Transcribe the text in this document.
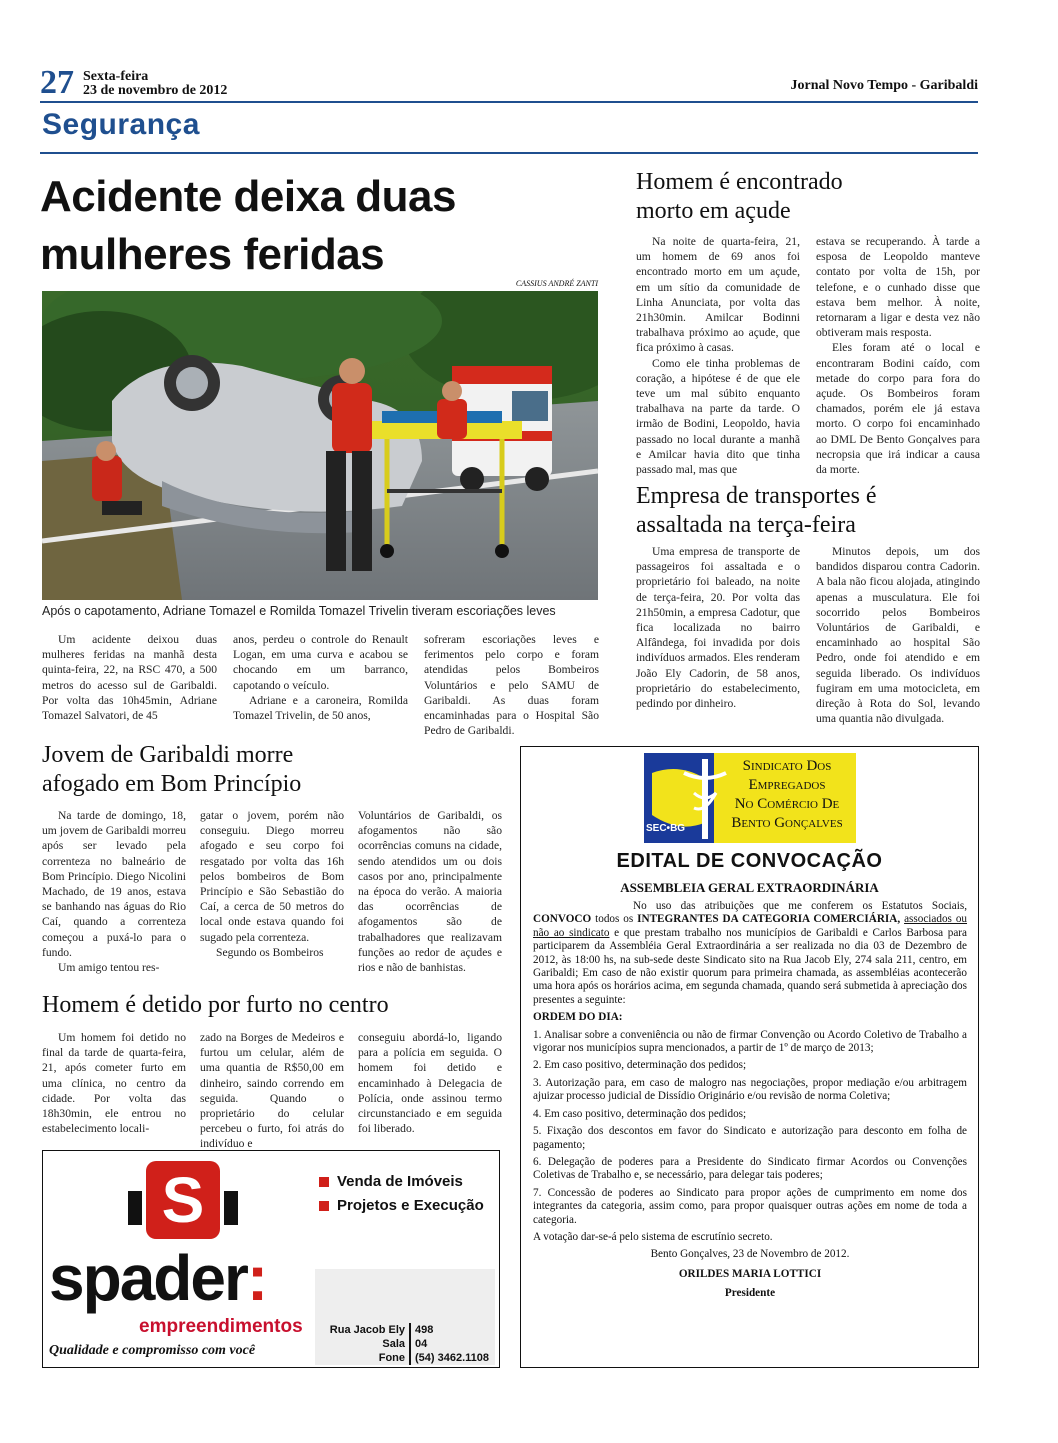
27 Sexta-feira
23 de novembro de 2012	Jornal Novo Tempo - Garibaldi
Segurança
Acidente deixa duas mulheres feridas
CASSIUS ANDRÉ ZANTI
Após o capotamento, Adriane Tomazel e Romilda Tomazel Trivelin tiveram escoriações leves

Um acidente deixou duas mulheres feridas na manhã desta quinta-feira, 22, na RSC 470, a 500 metros do acesso sul de Garibaldi. Por volta das 10h45min, Adriane Tomazel Salvatori, de 45

anos, perdeu o controle do Renault Logan, em uma curva e acabou se chocando em um barranco, capotando o veículo.

Adriane e a caroneira, Romilda Tomazel Trivelin, de 50 anos,

sofreram escoriações leves e ferimentos pelo corpo e foram atendidas pelos Bombeiros Voluntários e pelo SAMU de Garibaldi. As duas foram encaminhadas para o Hospital São Pedro de Garibaldi.

Homem é encontrado morto em açude

Na noite de quarta-feira, 21, um homem de 69 anos foi encontrado morto em um açude, em um sítio da comunidade de Linha Anunciata, por volta das 21h30min. Amilcar Bodinni trabalhava próximo ao açude, que fica próximo à casas.

Como ele tinha problemas de coração, a hipótese é de que ele teve um mal súbito enquanto trabalhava na parte da tarde. O irmão de Bodini, Leopoldo, havia passado no local durante a manhã e Amilcar havia dito que tinha passado mal, mas que

estava se recuperando. À tarde a esposa de Leopoldo manteve contato por volta de 15h, por telefone, e o cunhado disse que estava bem melhor. À noite, retornaram a ligar e desta vez não obtiveram mais resposta.

Eles foram até o local e encontraram Bodini caído, com metade do corpo para fora do açude. Os Bombeiros foram chamados, porém ele já estava morto. O corpo foi encaminhado ao DML De Bento Gonçalves para necropsia que irá indicar a causa da morte.

Empresa de transportes é assaltada na terça-feira

Uma empresa de transporte de passageiros foi assaltada e o proprietário foi baleado, na noite de terça-feira, 20. Por volta das 21h50min, a empresa Cadotur, que fica localizada no bairro Alfândega, foi invadida por dois indivíduos armados. Eles renderam João Ely Cadorin, de 58 anos, proprietário do estabelecimento, pedindo por dinheiro.

Minutos depois, um dos bandidos disparou contra Cadorin. A bala não ficou alojada, atingindo apenas a musculatura. Ele foi socorrido pelos Bombeiros Voluntários de Garibaldi, e encaminhado ao hospital São Pedro, onde foi atendido e em seguida liberado. Os indivíduos fugiram em uma motocicleta, em direção à Rota do Sol, levando uma quantia não divulgada.

Jovem de Garibaldi morre afogado em Bom Princípio

Na tarde de domingo, 18, um jovem de Garibaldi morreu após ser levado pela correnteza no balneário de Bom Princípio. Diego Nicolini Machado, de 19 anos, estava se banhando nas águas do Rio Caí, quando a correnteza começou a puxá-lo para o fundo.

Um amigo tentou res-

gatar o jovem, porém não conseguiu. Diego morreu afogado e seu corpo foi resgatado por volta das 16h pelos bombeiros de Bom Princípio e São Sebastião do Caí, a cerca de 50 metros do local onde estava quando foi sugado pela correnteza.

Segundo os Bombeiros

Voluntários de Garibaldi, os afogamentos não são ocorrências comuns na cidade, sendo atendidos um ou dois casos por ano, principalmente na época do verão. A maioria das ocorrências de afogamentos são de trabalhadores que realizavam funções ao redor de açudes e rios e não de banhistas.

Homem é detido por furto no centro

Um homem foi detido no final da tarde de quarta-feira, 21, após cometer furto em uma clínica, no centro da cidade. Por volta das 18h30min, ele entrou no estabelecimento locali-

zado na Borges de Medeiros e furtou um celular, além de uma quantia de R$50,00 em dinheiro, saindo correndo em seguida. Quando o proprietário do celular percebeu o furto, foi atrás do indivíduo e

conseguiu abordá-lo, ligando para a polícia em seguida. O homem foi detido e encaminhado à Delegacia de Polícia, onde assinou termo circunstanciado e em seguida foi liberado.

S
spader:
empreendimentos
Qualidade e compromisso com você
Venda de Imóveis
Projetos e Execução
Rua Jacob Ely
Sala
Fone
498
04
(54) 3462.1108
SEC•BG
Sindicato Dos
Empregados
No Comércio De
Bento Gonçalves
EDITAL DE CONVOCAÇÃO
ASSEMBLEIA GERAL EXTRAORDINÁRIA

No uso das atribuições que me conferem os Estatutos Sociais, CONVOCO todos os INTEGRANTES DA CATEGORIA COMERCIÁRIA, associados ou não ao sindicato e que prestam trabalho nos municípios de Garibaldi e Carlos Barbosa para participarem da Assembléia Geral Extraordinária a ser realizada no dia 03 de Dezembro de 2012, às 18:00 hs, na sub-sede deste Sindicato sito na Rua Jacob Ely, 274 sala 211, centro, em Garibaldi; Em caso de não existir quorum para primeira chamada, as assembléias acontecerão uma hora após os horários acima, em segunda chamada, quando será submetida à apreciação dos presentes a seguinte:

ORDEM DO DIA:

1. Analisar sobre a conveniência ou não de firmar Convenção ou Acordo Coletivo de Trabalho a vigorar nos municípios supra mencionados, a partir de 1º de março de 2013;

2. Em caso positivo, determinação dos pedidos;

3. Autorização para, em caso de malogro nas negociações, propor mediação e/ou arbitragem ajuizar processo judicial de Dissídio Originário e/ou revisão de norma Coletiva;

4. Em caso positivo, determinação dos pedidos;

5. Fixação dos descontos em favor do Sindicato e autorização para desconto em folha de pagamento;

6. Delegação de poderes para a Presidente do Sindicato firmar Acordos ou Convenções Coletivas de Trabalho e, se necessário, para delegar tais poderes;

7. Concessão de poderes ao Sindicato para propor ações de cumprimento em nome dos integrantes da categoria, assim como, para propor quaisquer outras ações em nome de toda a categoria.

A votação dar-se-á pelo sistema de escrutínio secreto.

Bento Gonçalves, 23 de Novembro de 2012.

ORILDES MARIA LOTTICI

Presidente
